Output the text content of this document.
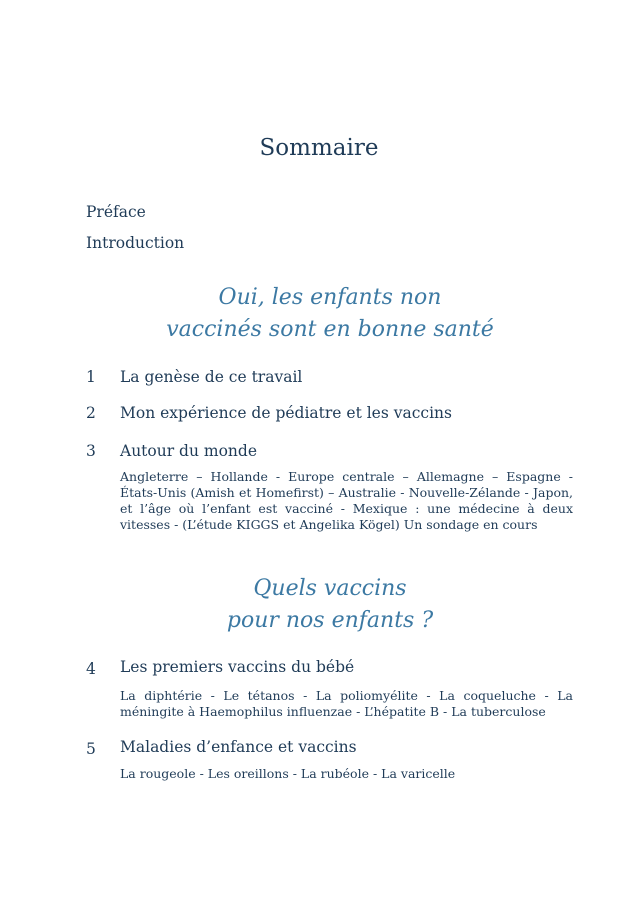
Sommaire
Préface
Introduction
Oui, les enfants non
vaccinés sont en bonne santé
1 La genèse de ce travail
2 Mon expérience de pédiatre et les vaccins
3 Autour du monde
Angleterre – Hollande - Europe centrale – Allemagne – Espagne - États-Unis (Amish et Homefirst) – Australie - Nouvelle-Zélande - Japon, et l’âge où l’enfant est vacciné - Mexique : une médecine à deux vitesses - (L’étude KIGGS et Angelika Kögel) Un sondage en cours
Quels vaccins
pour nos enfants ?
4 Les premiers vaccins du bébé
La diphtérie - Le tétanos - La poliomyélite - La coqueluche - La méningite à Haemophilus influenzae - L’hépatite B - La tuberculose
5 Maladies d’enfance et vaccins
La rougeole - Les oreillons - La rubéole - La varicelle
